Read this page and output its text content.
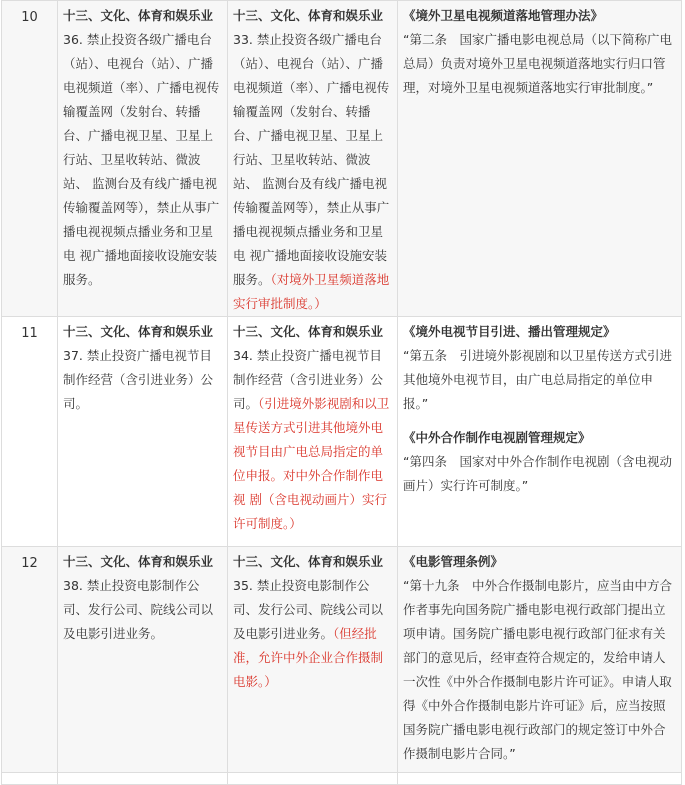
10	十三、文化、体育和娱乐业
36. 禁止投资各级广播电台（站）、电视台（站）、广播电视频道（率）、广播电视传 输覆盖网（发射台、转播台、广播电视卫星、卫星上行站、卫星收转站、微波站、 监测台及有线广播电视传输覆盖网等），禁止从事广播电视视频点播业务和卫星电 视广播地面接收设施安装服务。	十三、文化、体育和娱乐业
33. 禁止投资各级广播电台（站）、电视台（站）、广播电视频道（率）、广播电视传 输覆盖网（发射台、转播台、广播电视卫星、卫星上行站、卫星收转站、微波站、 监测台及有线广播电视传输覆盖网等），禁止从事广播电视视频点播业务和卫星电 视广播地面接收设施安装服务。（对境外卫星频道落地实行审批制度。）	《境外卫星电视频道落地管理办法》
“第二条　国家广播电影电视总局（以下简称广电总局）负责对境外卫星电视频道落地实行归口管理，对境外卫星电视频道落地实行审批制度。”
11	十三、文化、体育和娱乐业
37. 禁止投资广播电视节目制作经营（含引进业务）公司。	十三、文化、体育和娱乐业
34. 禁止投资广播电视节目制作经营（含引进业务）公司。（引进境外影视剧和以卫星传送方式引进其他境外电视节目由广电总局指定的单位申报。对中外合作制作电视 剧（含电视动画片）实行许可制度。）	《境外电视节目引进、播出管理规定》
“第五条　引进境外影视剧和以卫星传送方式引进其他境外电视节目，由广电总局指定的单位申报。”
《中外合作制作电视剧管理规定》
“第四条　国家对中外合作制作电视剧（含电视动画片）实行许可制度。”
12	十三、文化、体育和娱乐业
38. 禁止投资电影制作公司、发行公司、院线公司以及电影引进业务。	十三、文化、体育和娱乐业
35. 禁止投资电影制作公司、发行公司、院线公司以及电影引进业务。（但经批准，允许中外企业合作摄制电影。）	《电影管理条例》
“第十九条　中外合作摄制电影片，应当由中方合作者事先向国务院广播电影电视行政部门提出立项申请。国务院广播电影电视行政部门征求有关部门的意见后，经审查符合规定的，发给申请人一次性《中外合作摄制电影片许可证》。申请人取得《中外合作摄制电影片许可证》后，应当按照国务院广播电影电视行政部门的规定签订中外合作摄制电影片合同。”
